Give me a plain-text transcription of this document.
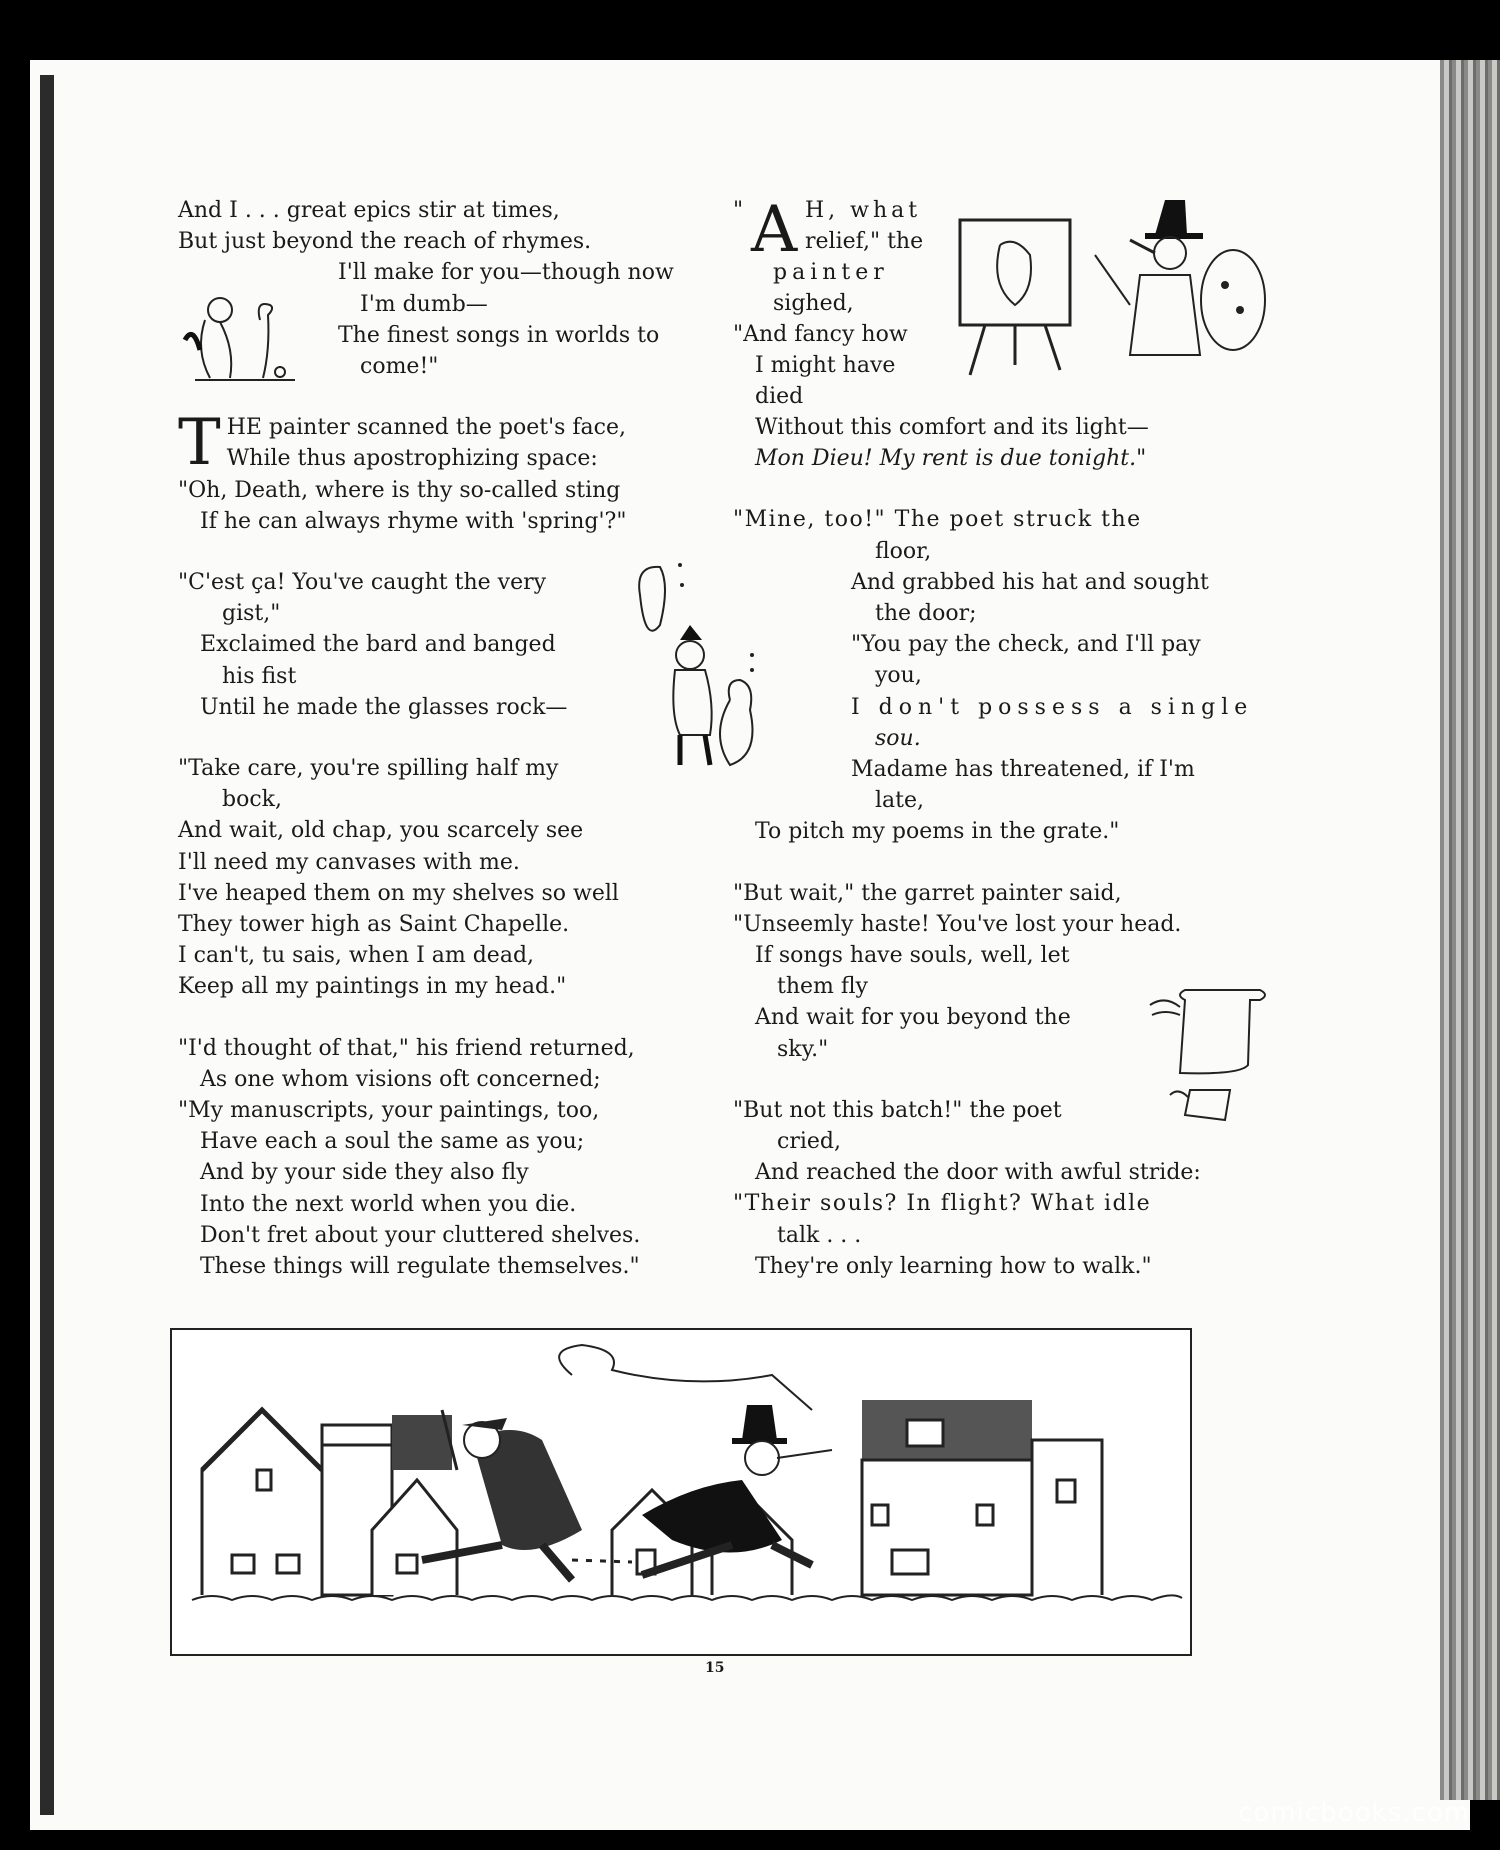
And I . . . great epics stir at times,

But just beyond the reach of rhymes.

I'll make for you—though now

I'm dumb—

The finest songs in worlds to

come!"

T HE painter scanned the poet's face,

While thus apostrophizing space:

"Oh, Death, where is thy so-called sting

If he can always rhyme with 'spring'?"

"C'est ça! You've caught the very

gist,"

Exclaimed the bard and banged

his fist

Until he made the glasses rock—

"Take care, you're spilling half my

bock,

And wait, old chap, you scarcely see

I'll need my canvases with me.

I've heaped them on my shelves so well

They tower high as Saint Chapelle.

I can't, tu sais, when I am dead,

Keep all my paintings in my head."

"I'd thought of that," his friend returned,

As one whom visions oft concerned;

"My manuscripts, your paintings, too,

Have each a soul the same as you;

And by your side they also fly

Into the next world when you die.

Don't fret about your cluttered shelves.

These things will regulate themselves."

" A H, what

relief," the

painter

sighed,

"And fancy how

I might have

died

Without this comfort and its light—

Mon Dieu! My rent is due tonight."

"Mine, too!" The poet struck the

floor,

And grabbed his hat and sought

the door;

"You pay the check, and I'll pay

you,

I don't possess a single

sou.

Madame has threatened, if I'm

late,

To pitch my poems in the grate."

"But wait," the garret painter said,

"Unseemly haste! You've lost your head.

If songs have souls, well, let

them fly

And wait for you beyond the

sky."

"But not this batch!" the poet

cried,

And reached the door with awful stride:

"Their souls? In flight? What idle

talk . . .

They're only learning how to walk."

15
comicbooks.com
